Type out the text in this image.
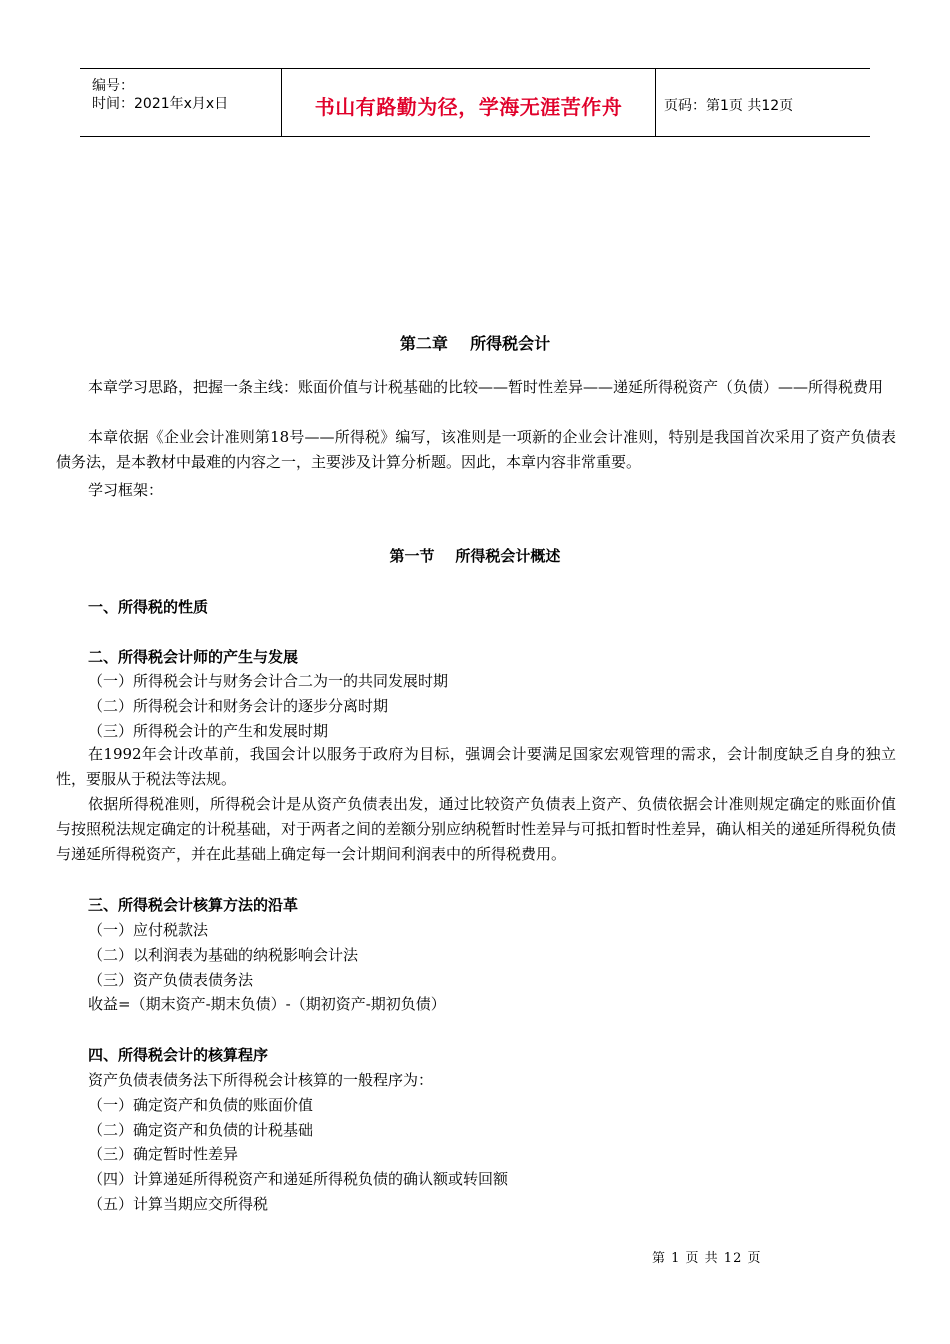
编号：
时间：2021年x月x日	书山有路勤为径，学海无涯苦作舟	页码：第1页 共12页
第二章    所得税会计
本章学习思路，把握一条主线：账面价值与计税基础的比较——暂时性差异——递延所得税资产（负债）——所得税费用
本章依据《企业会计准则第18号——所得税》编写，该准则是一项新的企业会计准则，特别是我国首次采用了资产负债表债务法，是本教材中最难的内容之一，主要涉及计算分析题。因此，本章内容非常重要。
学习框架：
第一节    所得税会计概述
一、所得税的性质
二、所得税会计师的产生与发展
（一）所得税会计与财务会计合二为一的共同发展时期
（二）所得税会计和财务会计的逐步分离时期
（三）所得税会计的产生和发展时期
在1992年会计改革前，我国会计以服务于政府为目标，强调会计要满足国家宏观管理的需求，会计制度缺乏自身的独立性，要服从于税法等法规。
依据所得税准则，所得税会计是从资产负债表出发，通过比较资产负债表上资产、负债依据会计准则规定确定的账面价值与按照税法规定确定的计税基础，对于两者之间的差额分别应纳税暂时性差异与可抵扣暂时性差异，确认相关的递延所得税负债与递延所得税资产，并在此基础上确定每一会计期间利润表中的所得税费用。
三、所得税会计核算方法的沿革
（一）应付税款法
（二）以利润表为基础的纳税影响会计法
（三）资产负债表债务法
收益=（期末资产-期末负债）-（期初资产-期初负债）
四、所得税会计的核算程序
资产负债表债务法下所得税会计核算的一般程序为：
（一）确定资产和负债的账面价值
（二）确定资产和负债的计税基础
（三）确定暂时性差异
（四）计算递延所得税资产和递延所得税负债的确认额或转回额
（五）计算当期应交所得税
第 1 页 共 12 页
